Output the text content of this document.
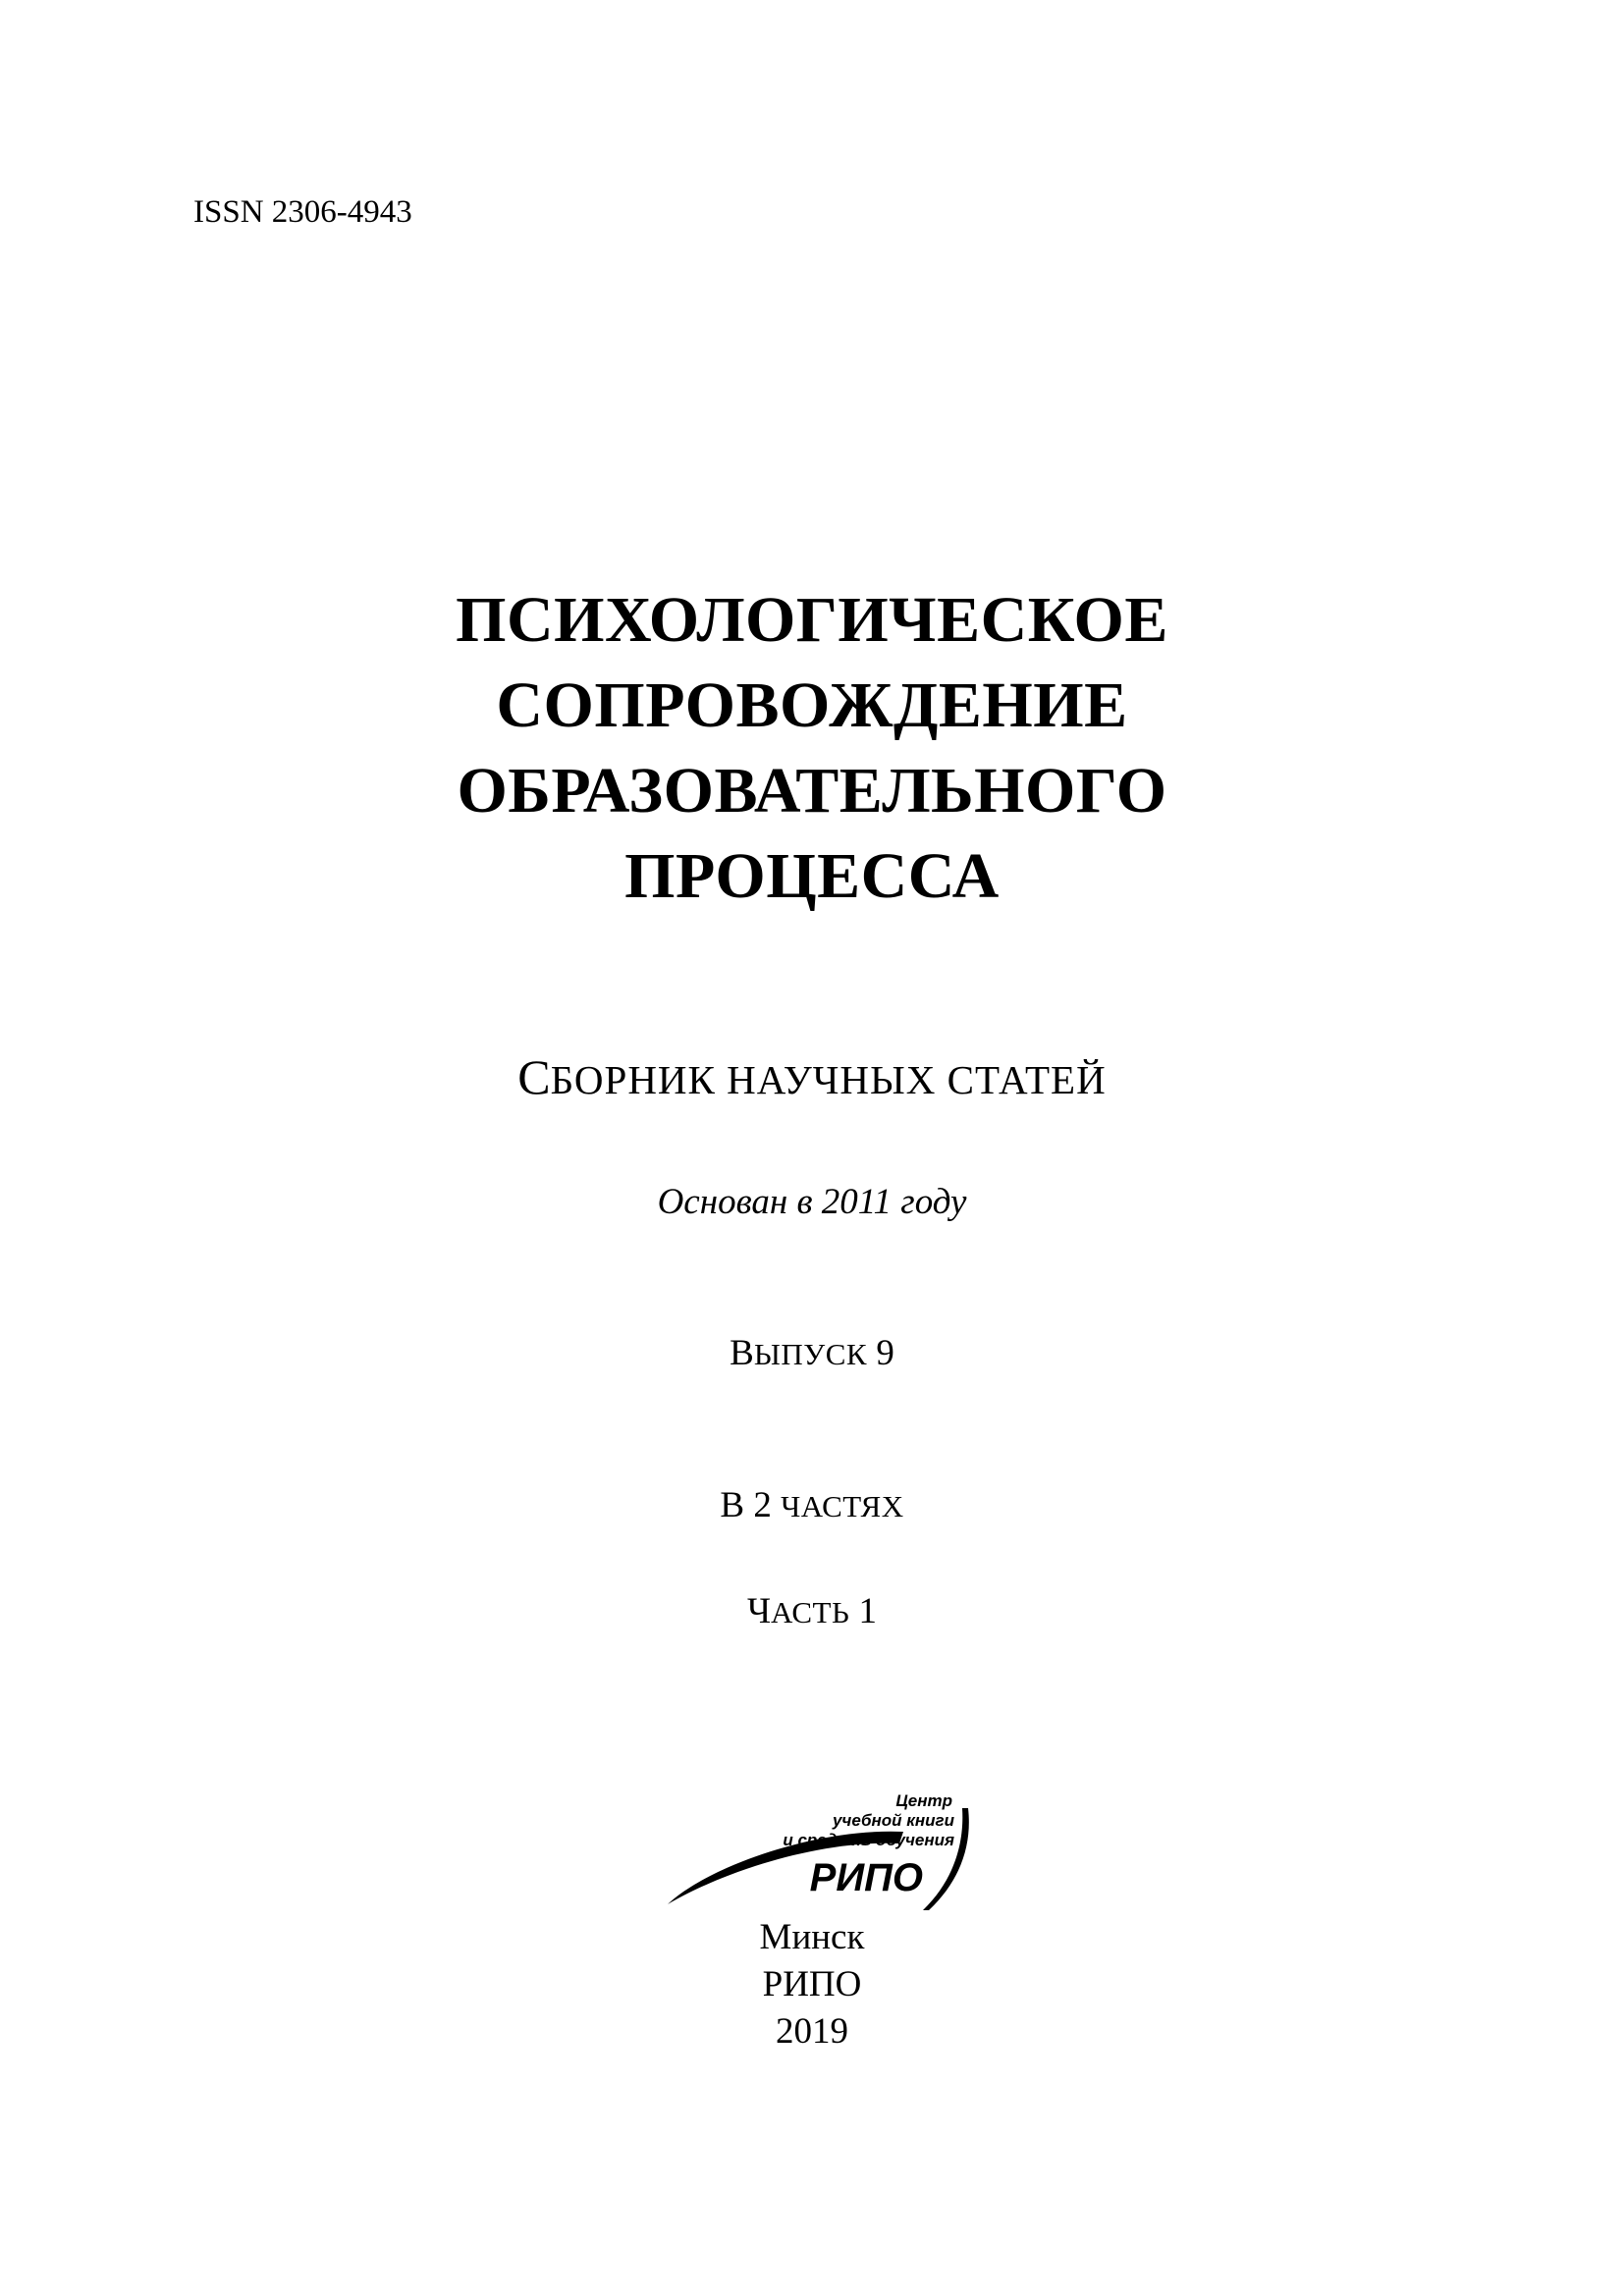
ISSN 2306-4943
ПСИХОЛОГИЧЕСКОЕ
СОПРОВОЖДЕНИЕ
ОБРАЗОВАТЕЛЬНОГО
ПРОЦЕССА
СБОРНИК НАУЧНЫХ СТАТЕЙ
Основан в 2011 году
ВЫПУСК 9
В 2 ЧАСТЯХ
ЧАСТЬ 1
Центр
учебной книги
и средств обучения
РИПО
Минск
РИПО
2019
